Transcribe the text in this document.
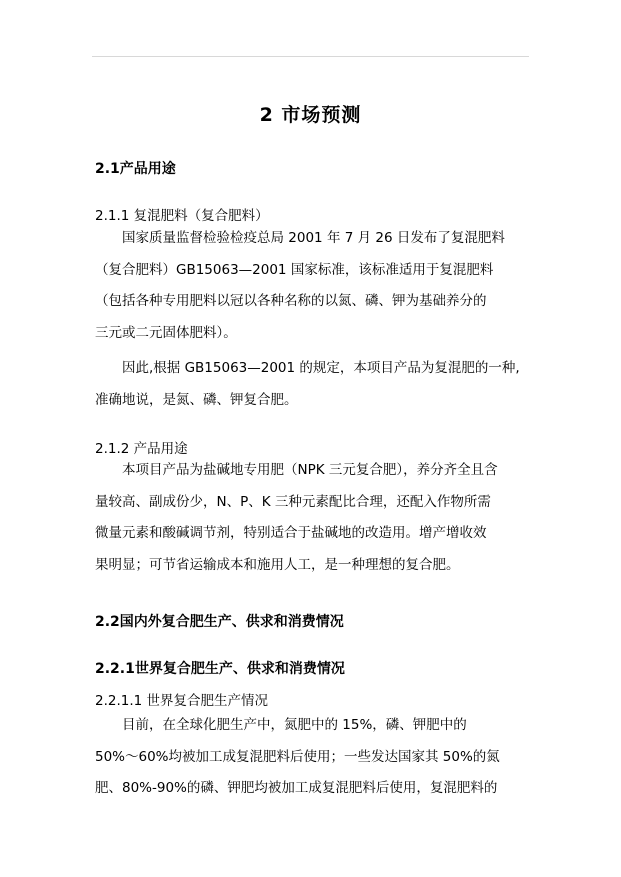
2 市场预测
2.1产品用途
2.1.1 复混肥料（复合肥料）
国家质量监督检验检疫总局 2001 年 7 月 26 日发布了复混肥料
（复合肥料）GB15063—2001 国家标准，该标准适用于复混肥料
（包括各种专用肥料以冠以各种名称的以氮、磷、钾为基础养分的
三元或二元固体肥料）。
因此,根据 GB15063—2001 的规定，本项目产品为复混肥的一种,
准确地说，是氮、磷、钾复合肥。
2.1.2 产品用途
本项目产品为盐碱地专用肥（NPK 三元复合肥），养分齐全且含
量较高、副成份少，N、P、K 三种元素配比合理，还配入作物所需
微量元素和酸碱调节剂，特别适合于盐碱地的改造用。增产增收效
果明显；可节省运输成本和施用人工，是一种理想的复合肥。
2.2国内外复合肥生产、供求和消费情况
2.2.1世界复合肥生产、供求和消费情况
2.2.1.1 世界复合肥生产情况
目前，在全球化肥生产中，氮肥中的 15%，磷、钾肥中的
50%～60%均被加工成复混肥料后使用；一些发达国家其 50%的氮
肥、80%-90%的磷、钾肥均被加工成复混肥料后使用，复混肥料的
